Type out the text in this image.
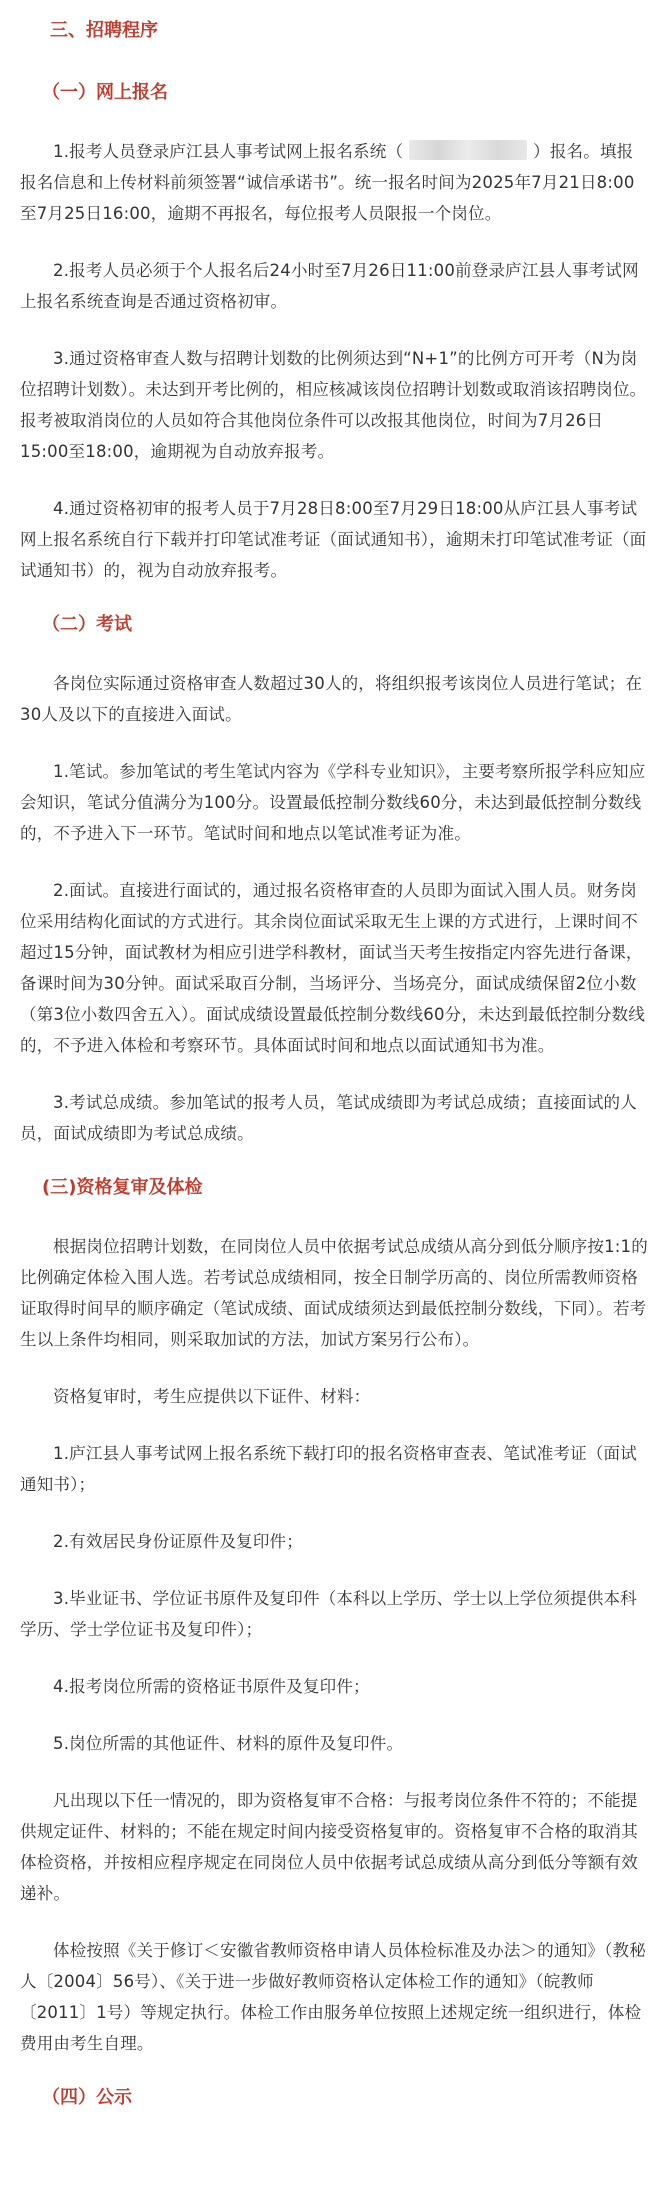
三、招聘程序
（一）网上报名

1.报考人员登录庐江县人事考试网上报名系统（	）报名。填报报名信息和上传材料前须签署“诚信承诺书”。统一报名时间为2025年7月21日8:00至7月25日16:00，逾期不再报名，每位报考人员限报一个岗位。

2.报考人员必须于个人报名后24小时至7月26日11:00前登录庐江县人事考试网上报名系统查询是否通过资格初审。

3.通过资格审查人数与招聘计划数的比例须达到“N+1”的比例方可开考（N为岗位招聘计划数）。未达到开考比例的，相应核减该岗位招聘计划数或取消该招聘岗位。报考被取消岗位的人员如符合其他岗位条件可以改报其他岗位，时间为7月26日15:00至18:00，逾期视为自动放弃报考。

4.通过资格初审的报考人员于7月28日8:00至7月29日18:00从庐江县人事考试网上报名系统自行下载并打印笔试准考证（面试通知书），逾期未打印笔试准考证（面试通知书）的，视为自动放弃报考。

（二）考试

各岗位实际通过资格审查人数超过30人的，将组织报考该岗位人员进行笔试；在30人及以下的直接进入面试。

1.笔试。参加笔试的考生笔试内容为《学科专业知识》，主要考察所报学科应知应会知识，笔试分值满分为100分。设置最低控制分数线60分，未达到最低控制分数线的，不予进入下一环节。笔试时间和地点以笔试准考证为准。

2.面试。直接进行面试的，通过报名资格审查的人员即为面试入围人员。财务岗位采用结构化面试的方式进行。其余岗位面试采取无生上课的方式进行，上课时间不超过15分钟，面试教材为相应引进学科教材，面试当天考生按指定内容先进行备课，备课时间为30分钟。面试采取百分制，当场评分、当场亮分，面试成绩保留2位小数（第3位小数四舍五入）。面试成绩设置最低控制分数线60分，未达到最低控制分数线的，不予进入体检和考察环节。具体面试时间和地点以面试通知书为准。

3.考试总成绩。参加笔试的报考人员，笔试成绩即为考试总成绩；直接面试的人员，面试成绩即为考试总成绩。

(三)资格复审及体检

根据岗位招聘计划数，在同岗位人员中依据考试总成绩从高分到低分顺序按1:1的比例确定体检入围人选。若考试总成绩相同，按全日制学历高的、岗位所需教师资格证取得时间早的顺序确定（笔试成绩、面试成绩须达到最低控制分数线，下同）。若考生以上条件均相同，则采取加试的方法，加试方案另行公布）。

资格复审时，考生应提供以下证件、材料：

1.庐江县人事考试网上报名系统下载打印的报名资格审查表、笔试准考证（面试通知书）；

2.有效居民身份证原件及复印件；

3.毕业证书、学位证书原件及复印件（本科以上学历、学士以上学位须提供本科学历、学士学位证书及复印件）；

4.报考岗位所需的资格证书原件及复印件；

5.岗位所需的其他证件、材料的原件及复印件。

凡出现以下任一情况的，即为资格复审不合格：与报考岗位条件不符的；不能提供规定证件、材料的；不能在规定时间内接受资格复审的。资格复审不合格的取消其体检资格，并按相应程序规定在同岗位人员中依据考试总成绩从高分到低分等额有效递补。

体检按照《关于修订＜安徽省教师资格申请人员体检标准及办法＞的通知》（教秘人〔2004〕56号）、《关于进一步做好教师资格认定体检工作的通知》（皖教师〔2011〕1号）等规定执行。体检工作由服务单位按照上述规定统一组织进行，体检费用由考生自理。

（四）公示
